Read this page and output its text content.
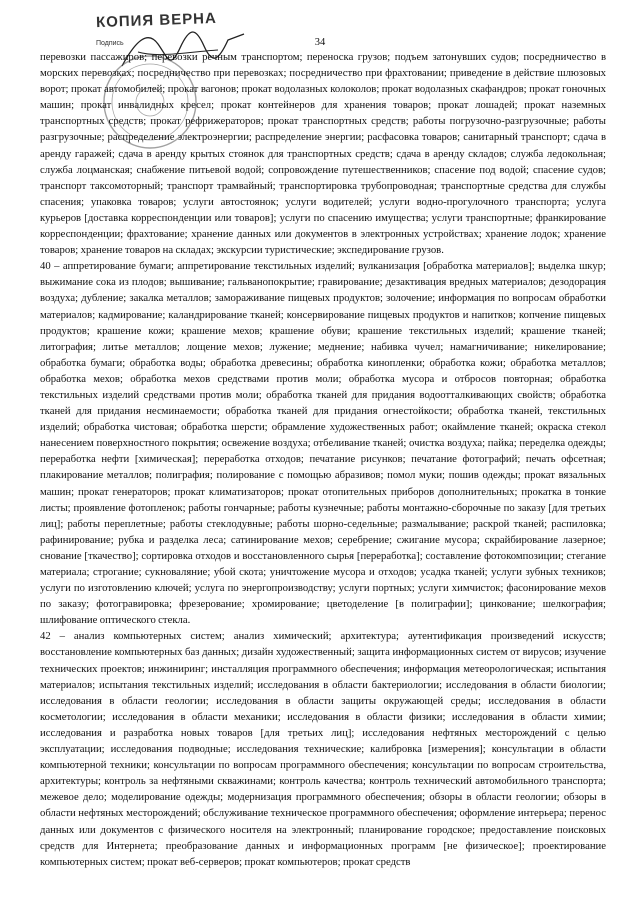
КОПИЯ ВЕРНА
Подпись	34

перевозки пассажиров; перевозки речным транспортом; переноска грузов; подъем затонувших судов; посредничество в морских перевозках; посредничество при перевозках; посредничество при фрахтовании; приведение в действие шлюзовых ворот; прокат автомобилей; прокат вагонов; прокат водолазных колоколов; прокат водолазных скафандров; прокат гоночных машин; прокат инвалидных кресел; прокат контейнеров для хранения товаров; прокат лошадей; прокат наземных транспортных средств; прокат рефрижераторов; прокат транспортных средств; работы погрузочно-разгрузочные; работы разгрузочные; распределение электроэнергии; распределение энергии; расфасовка товаров; санитарный транспорт; сдача в аренду гаражей; сдача в аренду крытых стоянок для транспортных средств; сдача в аренду складов; служба ледокольная; служба лоцманская; снабжение питьевой водой; сопровождение путешественников; спасение под водой; спасение судов; транспорт таксомоторный; транспорт трамвайный; транспортировка трубопроводная; транспортные средства для службы спасения; упаковка товаров; услуги автостоянок; услуги водителей; услуги водно-прогулочного транспорта; услуга курьеров [доставка корреспонденции или товаров]; услуги по спасению имущества; услуги транспортные; франкирование корреспонденции; фрахтование; хранение данных или документов в электронных устройствах; хранение лодок; хранение товаров; хранение товаров на складах; экскурсии туристические; экспедирование грузов.

40 – аппретирование бумаги; аппретирование текстильных изделий; вулканизация [обработка материалов]; выделка шкур; выжимание сока из плодов; вышивание; гальванопокрытие; гравирование; дезактивация вредных материалов; дезодорация воздуха; дубление; закалка металлов; замораживание пищевых продуктов; золочение; информация по вопросам обработки материалов; кадмирование; каландрирование тканей; консервирование пищевых продуктов и напитков; копчение пищевых продуктов; крашение кожи; крашение мехов; крашение обуви; крашение текстильных изделий; крашение тканей; литография; литье металлов; лощение мехов; лужение; меднение; набивка чучел; намагничивание; никелирование; обработка бумаги; обработка воды; обработка древесины; обработка кинопленки; обработка кожи; обработка металлов; обработка мехов; обработка мехов средствами против моли; обработка мусора и отбросов повторная; обработка текстильных изделий средствами против моли; обработка тканей для придания водоотталкивающих свойств; обработка тканей для придания несминаемости; обработка тканей для придания огнестойкости; обработка тканей, текстильных изделий; обработка чистовая; обработка шерсти; обрамление художественных работ; окаймление тканей; окраска стекол нанесением поверхностного покрытия; освежение воздуха; отбеливание тканей; очистка воздуха; пайка; переделка одежды; переработка нефти [химическая]; переработка отходов; печатание рисунков; печатание фотографий; печать офсетная; плакирование металлов; полиграфия; полирование с помощью абразивов; помол муки; пошив одежды; прокат вязальных машин; прокат генераторов; прокат климатизаторов; прокат отопительных приборов дополнительных; прокатка в тонкие листы; проявление фотопленок; работы гончарные; работы кузнечные; работы монтажно-сборочные по заказу [для третьих лиц]; работы переплетные; работы стеклодувные; работы шорно-седельные; размалывание; раскрой тканей; распиловка; рафинирование; рубка и разделка леса; сатинирование мехов; серебрение; сжигание мусора; скрайбирование лазерное; снование [ткачество]; сортировка отходов и восстановленного сырья [переработка]; составление фотокомпозиции; стегание материала; строгание; сукноваляние; убой скота; уничтожение мусора и отходов; усадка тканей; услуги зубных техников; услуги по изготовлению ключей; услуга по энергопроизводству; услуги портных; услуги химчисток; фасонирование мехов по заказу; фотогравировка; фрезерование; хромирование; цветоделение [в полиграфии]; цинкование; шелкография; шлифование оптического стекла.

42 – анализ компьютерных систем; анализ химический; архитектура; аутентификация произведений искусств; восстановление компьютерных баз данных; дизайн художественный; защита информационных систем от вирусов; изучение технических проектов; инжиниринг; инсталляция программного обеспечения; информация метеорологическая; испытания материалов; испытания текстильных изделий; исследования в области бактериологии; исследования в области биологии; исследования в области геологии; исследования в области защиты окружающей среды; исследования в области косметологии; исследования в области механики; исследования в области физики; исследования в области химии; исследования и разработка новых товаров [для третьих лиц]; исследования нефтяных месторождений с целью эксплуатации; исследования подводные; исследования технические; калибровка [измерения]; консультации в области компьютерной техники; консультации по вопросам программного обеспечения; консультации по вопросам строительства, архитектуры; контроль за нефтяными скважинами; контроль качества; контроль технический автомобильного транспорта; межевое дело; моделирование одежды; модернизация программного обеспечения; обзоры в области геологии; обзоры в области нефтяных месторождений; обслуживание техническое программного обеспечения; оформление интерьера; перенос данных или документов с физического носителя на электронный; планирование городское; предоставление поисковых средств для Интернета; преобразование данных и информационных программ [не физическое]; проектирование компьютерных систем; прокат веб-серверов; прокат компьютеров; прокат средств
